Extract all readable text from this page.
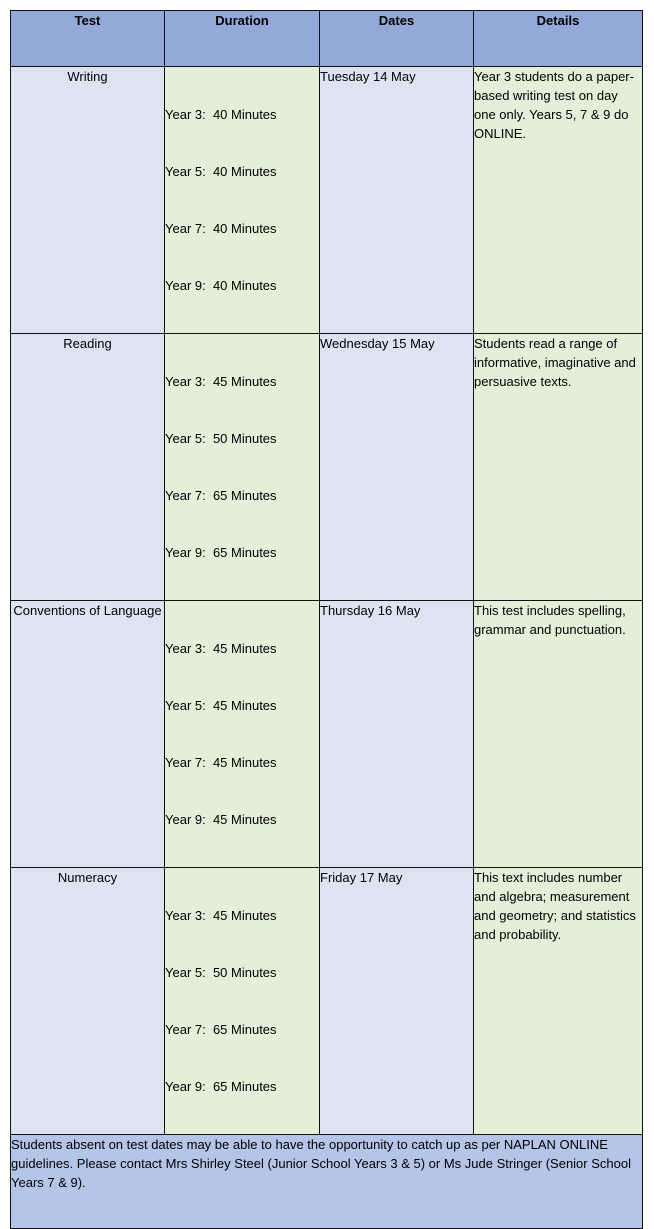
Test	Duration	Dates	Details
Writing	Year 3:  40 Minutes

Year 5:  40 Minutes

Year 7:  40 Minutes

Year 9:  40 Minutes	Tuesday 14 May	Year 3 students do a paper-based writing test on day one only. Years 5, 7 & 9 do ONLINE.
Reading	Year 3:  45 Minutes

Year 5:  50 Minutes

Year 7:  65 Minutes

Year 9:  65 Minutes	Wednesday 15 May	Students read a range of informative, imaginative and persuasive texts.
Conventions of Language	Year 3:  45 Minutes

Year 5:  45 Minutes

Year 7:  45 Minutes

Year 9:  45 Minutes	Thursday 16 May	This test includes spelling, grammar and punctuation.
Numeracy	Year 3:  45 Minutes

Year 5:  50 Minutes

Year 7:  65 Minutes

Year 9:  65 Minutes	Friday 17 May	This text includes number and algebra; measurement and geometry; and statistics and probability.
Students absent on test dates may be able to have the opportunity to catch up as per NAPLAN ONLINE guidelines. Please contact Mrs Shirley Steel (Junior School Years 3 & 5) or Ms Jude Stringer (Senior School Years 7 & 9).			
